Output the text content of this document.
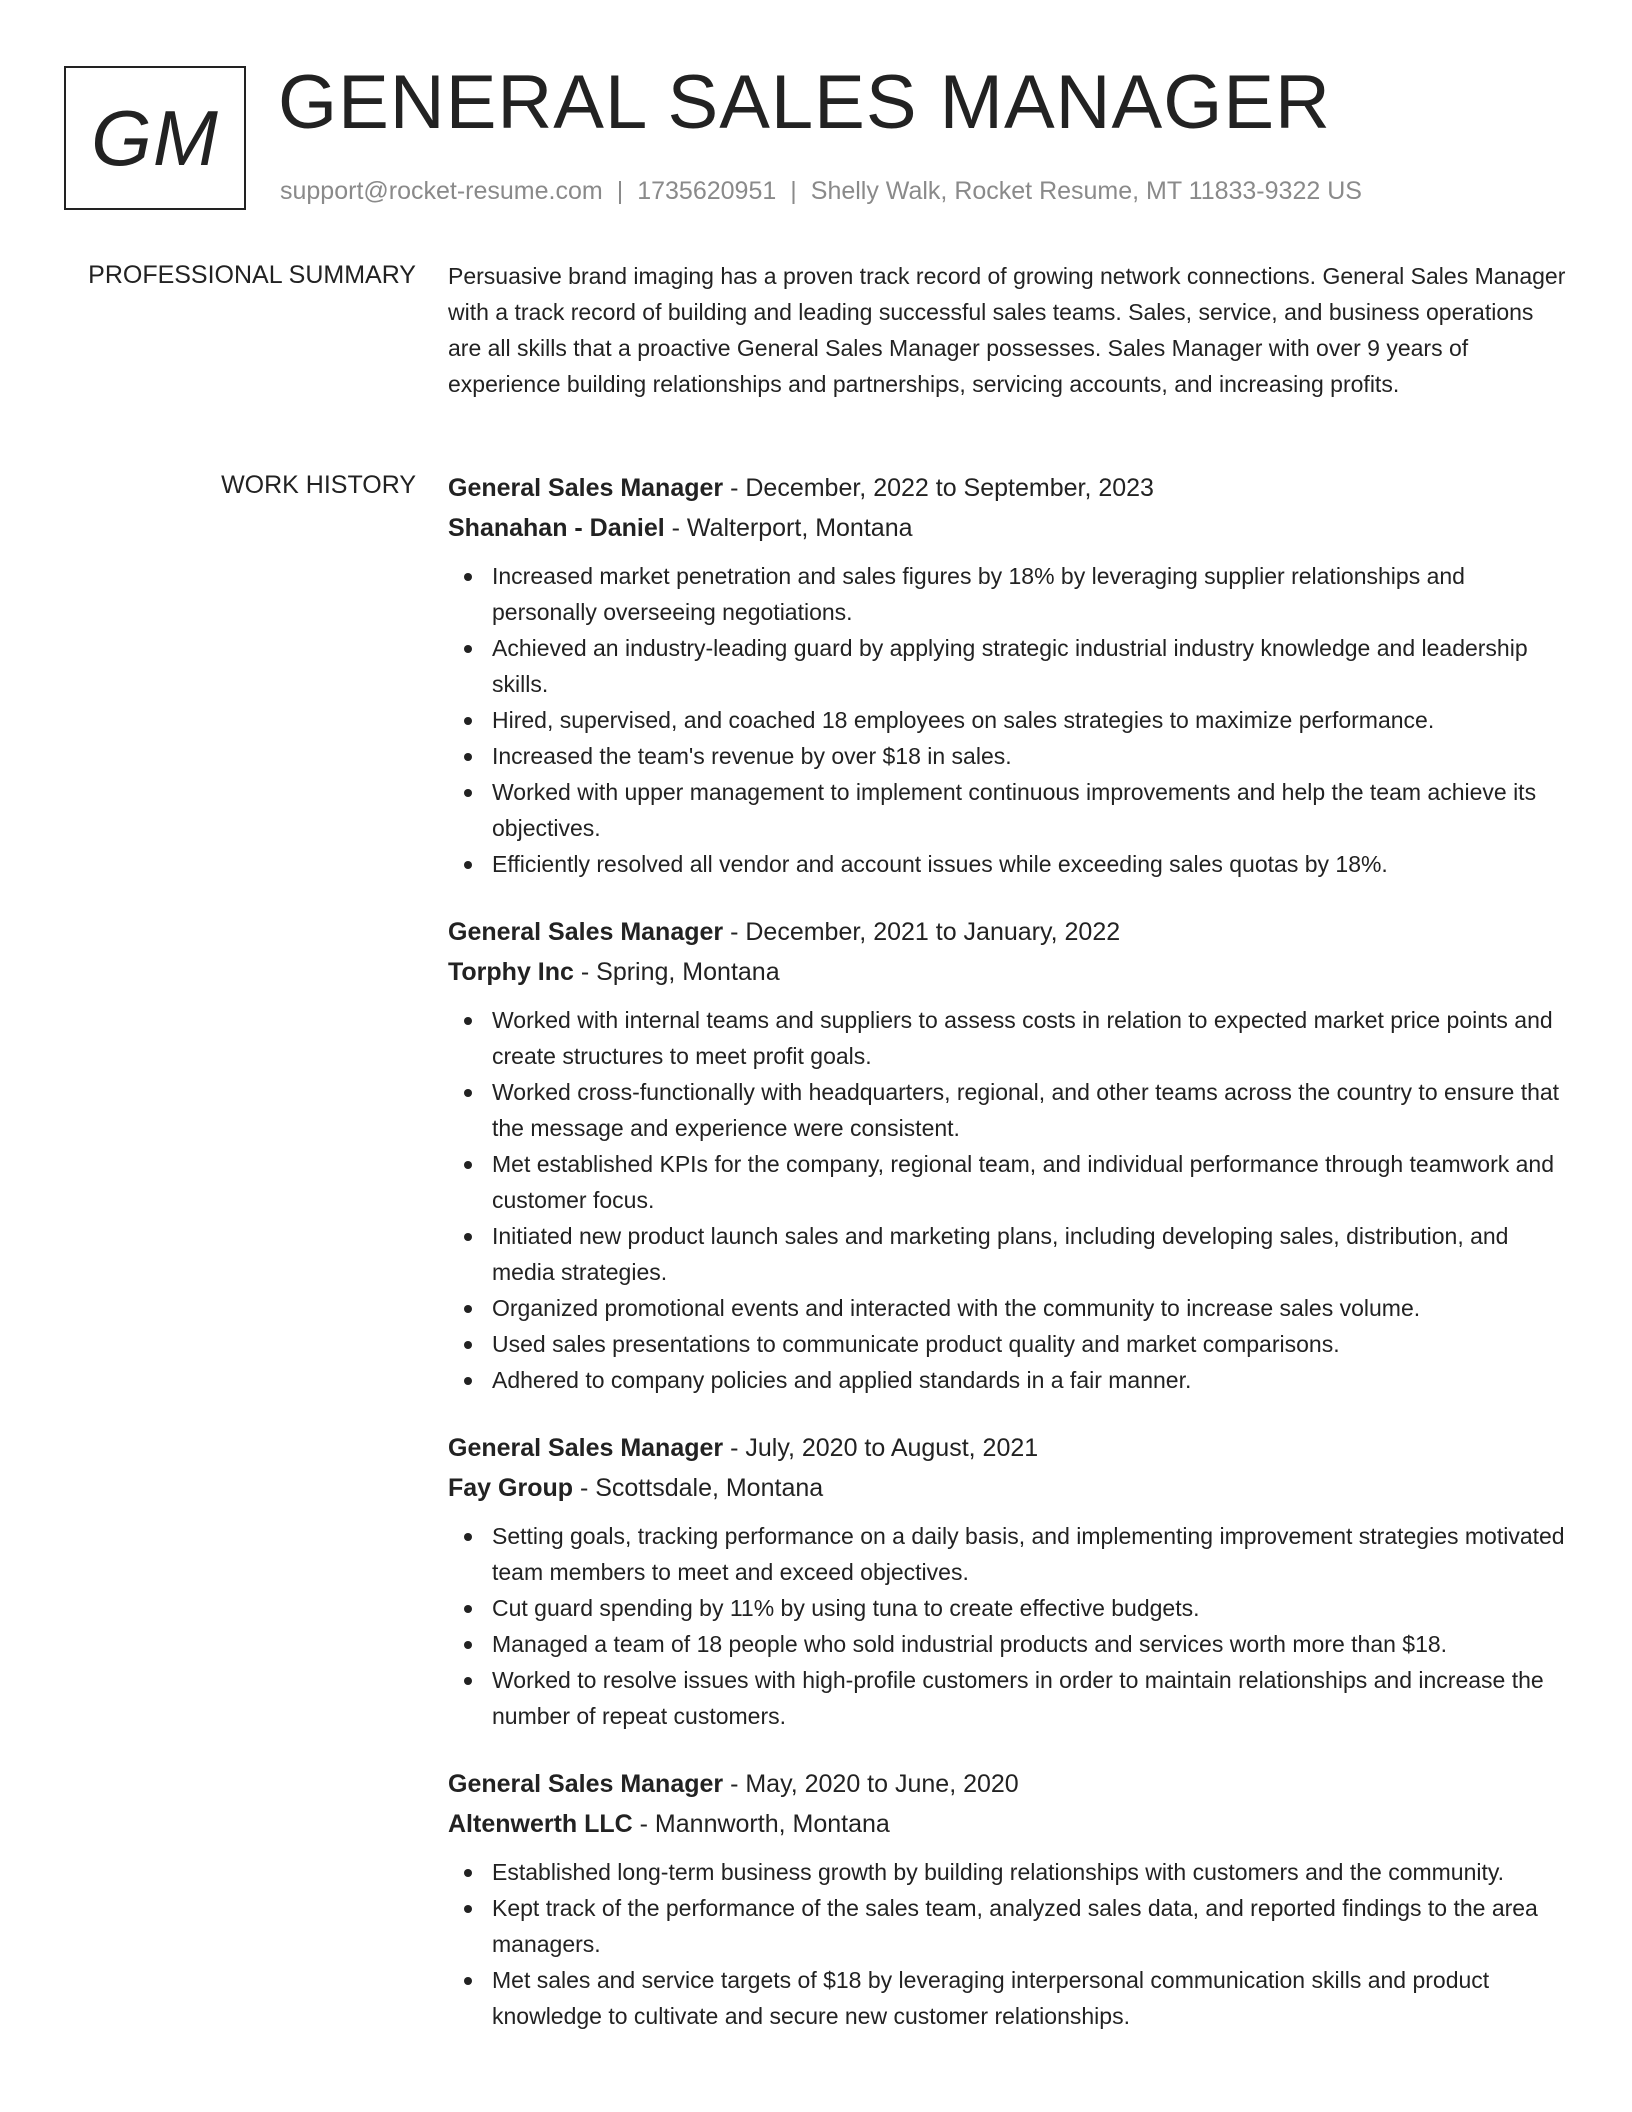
GM GENERAL SALES MANAGER
support@rocket-resume.com | 1735620951 | Shelly Walk, Rocket Resume, MT 11833-9322 US
PROFESSIONAL SUMMARY Persuasive brand imaging has a proven track record of growing network connections. General Sales Manager with a track record of building and leading successful sales teams. Sales, service, and business operations are all skills that a proactive General Sales Manager possesses. Sales Manager with over 9 years of experience building relationships and partnerships, servicing accounts, and increasing profits.

WORK HISTORY General Sales Manager - December, 2022 to September, 2023
Shanahan - Daniel - Walterport, Montana
Increased market penetration and sales figures by 18% by leveraging supplier relationships and personally overseeing negotiations.
Achieved an industry-leading guard by applying strategic industrial industry knowledge and leadership skills.
Hired, supervised, and coached 18 employees on sales strategies to maximize performance.
Increased the team's revenue by over $18 in sales.
Worked with upper management to implement continuous improvements and help the team achieve its objectives.
Efficiently resolved all vendor and account issues while exceeding sales quotas by 18%.
General Sales Manager - December, 2021 to January, 2022
Torphy Inc - Spring, Montana
Worked with internal teams and suppliers to assess costs in relation to expected market price points and create structures to meet profit goals.
Worked cross-functionally with headquarters, regional, and other teams across the country to ensure that the message and experience were consistent.
Met established KPIs for the company, regional team, and individual performance through teamwork and customer focus.
Initiated new product launch sales and marketing plans, including developing sales, distribution, and media strategies.
Organized promotional events and interacted with the community to increase sales volume.
Used sales presentations to communicate product quality and market comparisons.
Adhered to company policies and applied standards in a fair manner.
General Sales Manager - July, 2020 to August, 2021
Fay Group - Scottsdale, Montana
Setting goals, tracking performance on a daily basis, and implementing improvement strategies motivated team members to meet and exceed objectives.
Cut guard spending by 11% by using tuna to create effective budgets.
Managed a team of 18 people who sold industrial products and services worth more than $18.
Worked to resolve issues with high-profile customers in order to maintain relationships and increase the number of repeat customers.
General Sales Manager - May, 2020 to June, 2020
Altenwerth LLC - Mannworth, Montana
Established long-term business growth by building relationships with customers and the community.
Kept track of the performance of the sales team, analyzed sales data, and reported findings to the area managers.
Met sales and service targets of $18 by leveraging interpersonal communication skills and product knowledge to cultivate and secure new customer relationships.
